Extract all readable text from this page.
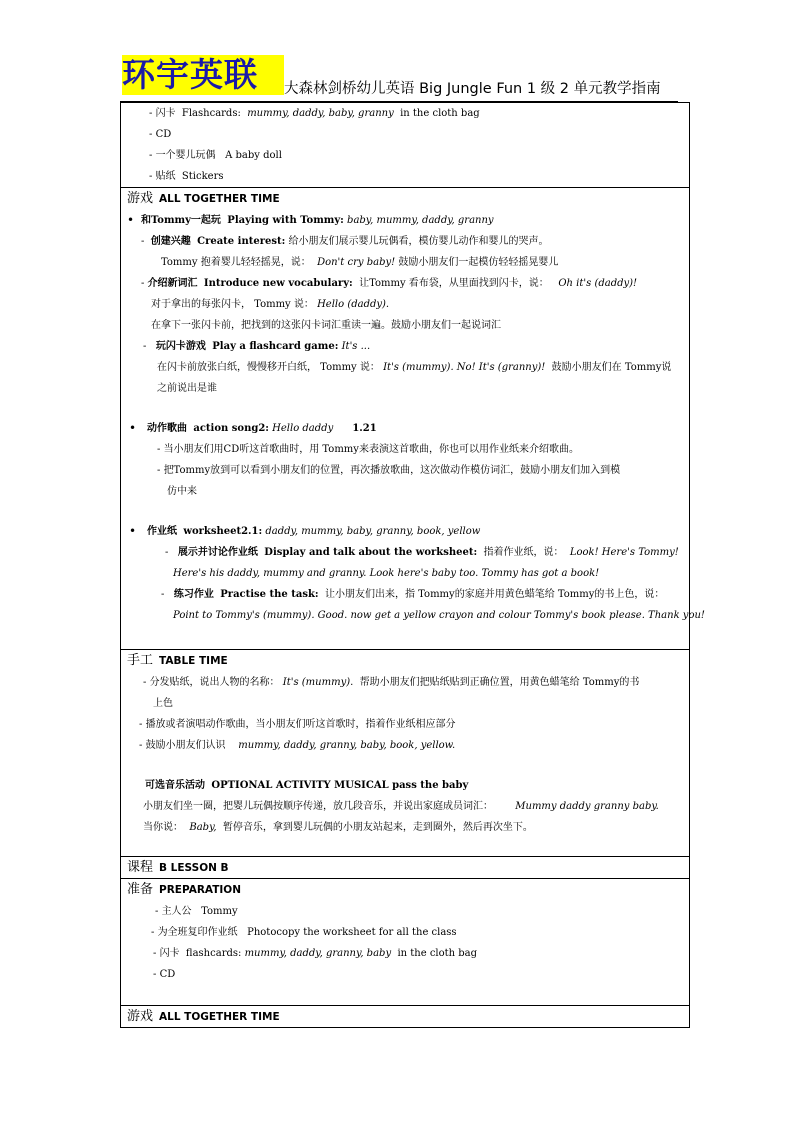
环宇英联	大森林剑桥幼儿英语 Big Jungle Fun 1 级 2 单元教学指南
- 闪卡 Flashcards: mummy, daddy, baby, granny in the cloth bag
- CD
- 一个婴儿玩偶 A baby doll
- 贴纸 Stickers
游戏 ALL TOGETHER TIME
• 和Tommy一起玩 Playing with Tommy: baby, mummy, daddy, granny
-  创建兴趣 Create interest: 给小朋友们展示婴儿玩偶看，模仿婴儿动作和婴儿的哭声。
Tommy 抱着婴儿轻轻摇晃，说： Don't cry baby! 鼓励小朋友们一起模仿轻轻摇晃婴儿
- 介绍新词汇 Introduce new vocabulary: 让Tommy 看布袋，从里面找到闪卡，说： Oh it's (daddy)!
对于拿出的每张闪卡， Tommy 说： Hello (daddy).
在拿下一张闪卡前，把找到的这张闪卡词汇重读一遍。鼓励小朋友们一起说词汇
-   玩闪卡游戏 Play a flashcard game: It's ...
在闪卡前放张白纸，慢慢移开白纸， Tommy 说： It's (mummy). No! It's (granny)! 鼓励小朋友们在 Tommy说
之前说出是谁
• 动作歌曲 action song2: Hello daddy 1.21
- 当小朋友们用CD听这首歌曲时，用 Tommy来表演这首歌曲，你也可以用作业纸来介绍歌曲。
- 把Tommy放到可以看到小朋友们的位置，再次播放歌曲，这次做动作模仿词汇，鼓励小朋友们加入到模
仿中来
• 作业纸 worksheet2.1: daddy, mummy, baby, granny, book, yellow
-   展示并讨论作业纸 Display and talk about the worksheet: 指着作业纸，说： Look! Here's Tommy!
Here's his daddy, mummy and granny. Look here's baby too. Tommy has got a book!
-   练习作业 Practise the task: 让小朋友们出来，指 Tommy的家庭并用黄色蜡笔给 Tommy的书上色，说：
Point to Tommy's (mummy). Good. now get a yellow crayon and colour Tommy's book please. Thank you!
手工 TABLE TIME
- 分发贴纸，说出人物的名称： It's (mummy). 帮助小朋友们把贴纸贴到正确位置，用黄色蜡笔给 Tommy的书
上色
- 播放或者演唱动作歌曲，当小朋友们听这首歌时，指着作业纸相应部分
- 鼓励小朋友们认识 mummy, daddy, granny, baby, book, yellow.
可选音乐活动 OPTIONAL ACTIVITY MUSICAL pass the baby
小朋友们坐一圈，把婴儿玩偶按顺序传递，放几段音乐，并说出家庭成员词汇： Mummy daddy granny baby.
当你说： Baby, 暂停音乐，拿到婴儿玩偶的小朋友站起来，走到圈外，然后再次坐下。
课程 B LESSON B
准备 PREPARATION
- 主人公 Tommy
- 为全班复印作业纸 Photocopy the worksheet for all the class
- 闪卡 flashcards: mummy, daddy, granny, baby in the cloth bag
- CD
游戏 ALL TOGETHER TIME
